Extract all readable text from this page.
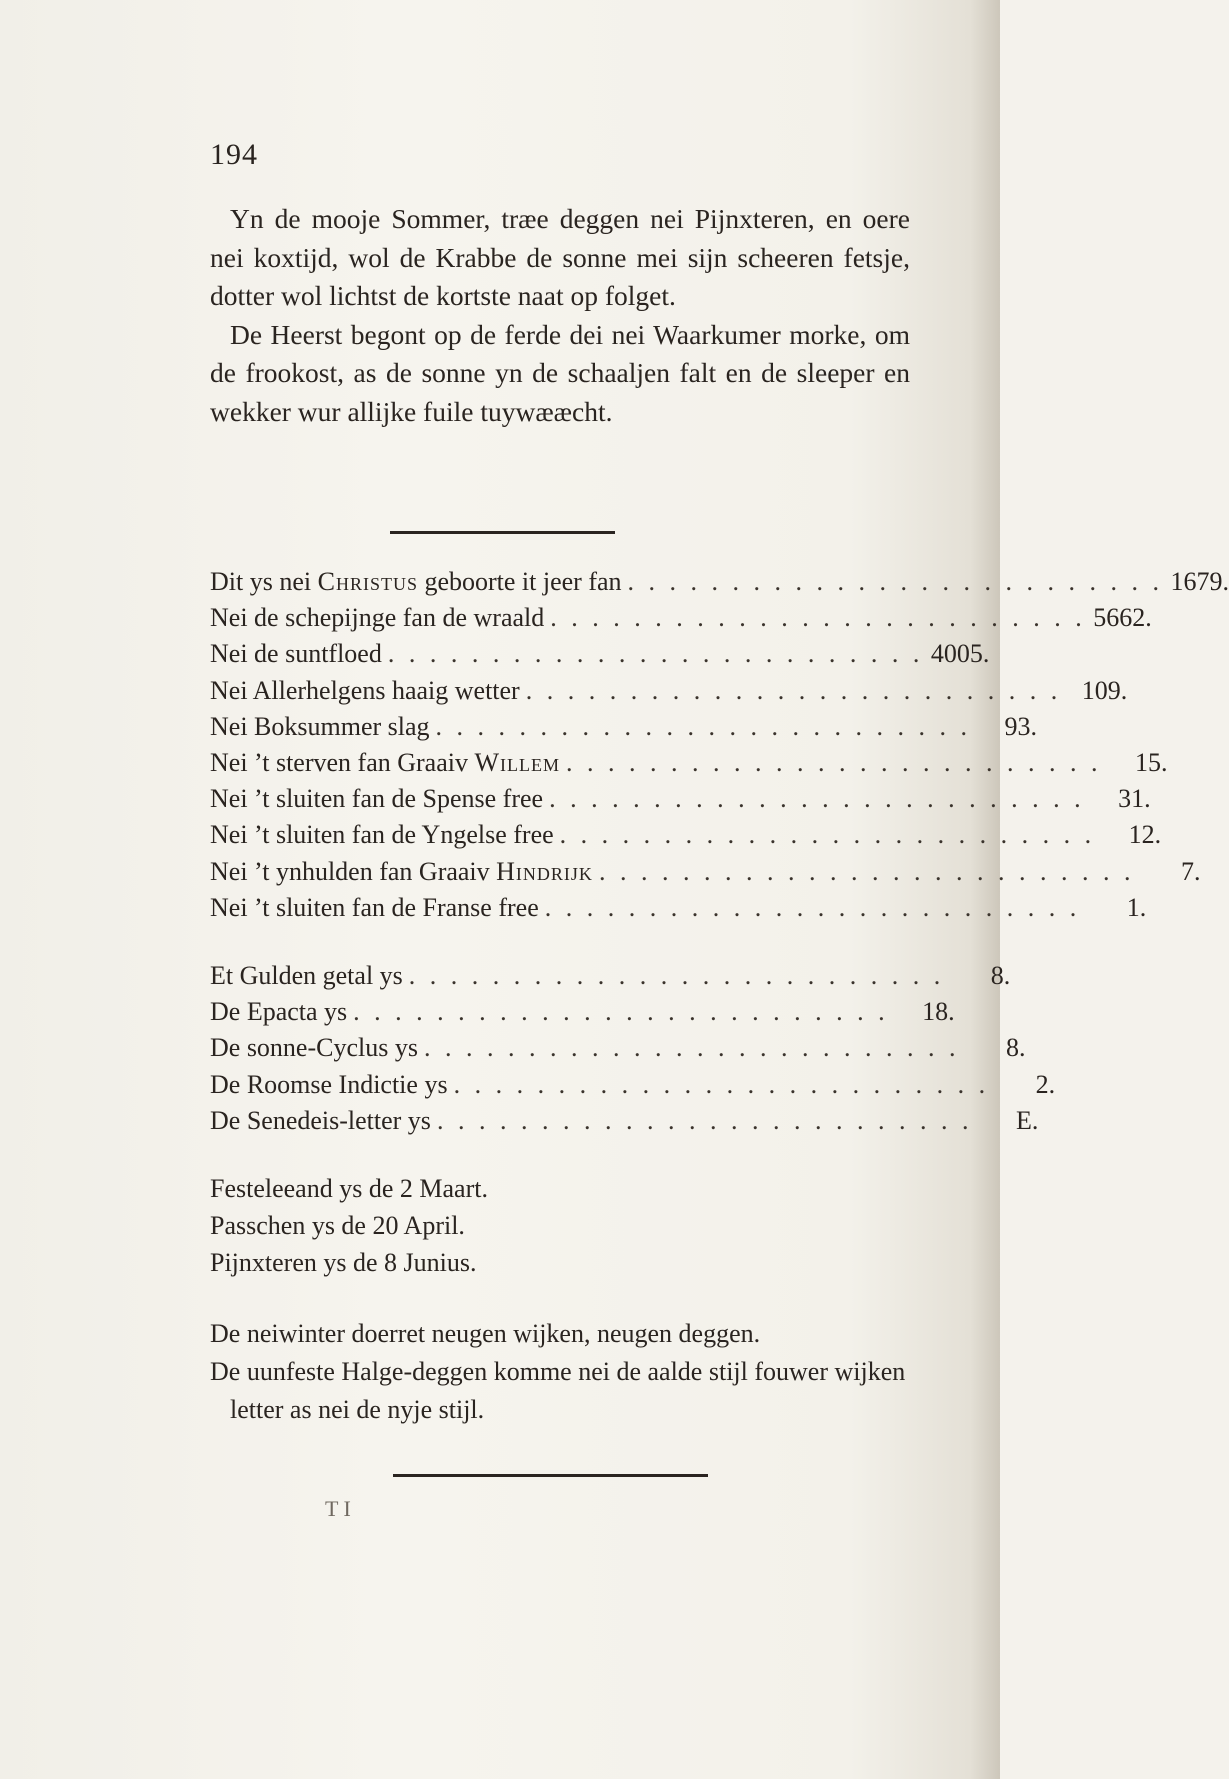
194

Yn de mooje Sommer, træe deggen nei Pijnxteren, en oere nei koxtijd, wol de Krabbe de sonne mei sijn scheeren fetsje, dotter wol lichtst de kortste naat op folget.

De Heerst begont op de ferde dei nei Waarkumer morke, om de frookost, as de sonne yn de schaaljen falt en de sleeper en wekker wur allijke fuile tuywææcht.

Dit ys nei Christus geboorte it jeer fan . . . . . . . . . . . . . . . . . . . . . . . . . . 1679.
Nei de schepijnge fan de wraald . . . . . . . . . . . . . . . . . . . . . . . . . . 5662.
Nei de suntfloed . . . . . . . . . . . . . . . . . . . . . . . . . . 4005.
Nei Allerhelgens haaig wetter . . . . . . . . . . . . . . . . . . . . . . . . . . 109.
Nei Boksummer slag . . . . . . . . . . . . . . . . . . . . . . . . . .	93.
Nei ’t sterven fan Graaiv Willem . . . . . . . . . . . . . . . . . . . . . . . . . .	15.
Nei ’t sluiten fan de Spense free . . . . . . . . . . . . . . . . . . . . . . . . . .	31.
Nei ’t sluiten fan de Yngelse free . . . . . . . . . . . . . . . . . . . . . . . . . .	12.
Nei ’t ynhulden fan Graaiv Hindrijk . . . . . . . . . . . . . . . . . . . . . . . . . .	7.
Nei ’t sluiten fan de Franse free . . . . . . . . . . . . . . . . . . . . . . . . . .	1.
Et Gulden getal ys . . . . . . . . . . . . . . . . . . . . . . . . . .	8.
De Epacta ys . . . . . . . . . . . . . . . . . . . . . . . . . .	18.
De sonne-Cyclus ys . . . . . . . . . . . . . . . . . . . . . . . . . .	8.
De Roomse Indictie ys . . . . . . . . . . . . . . . . . . . . . . . . . .	2.
De Senedeis-letter ys . . . . . . . . . . . . . . . . . . . . . . . . . .	E.
Festeleeand ys de 2 Maart.
Passchen ys de 20 April.
Pijnxteren ys de 8 Junius.

De neiwinter doerret neugen wijken, neugen deggen.

De uunfeste Halge-deggen komme nei de aalde stijl fouwer wijken letter as nei de nyje stijl.

T I
